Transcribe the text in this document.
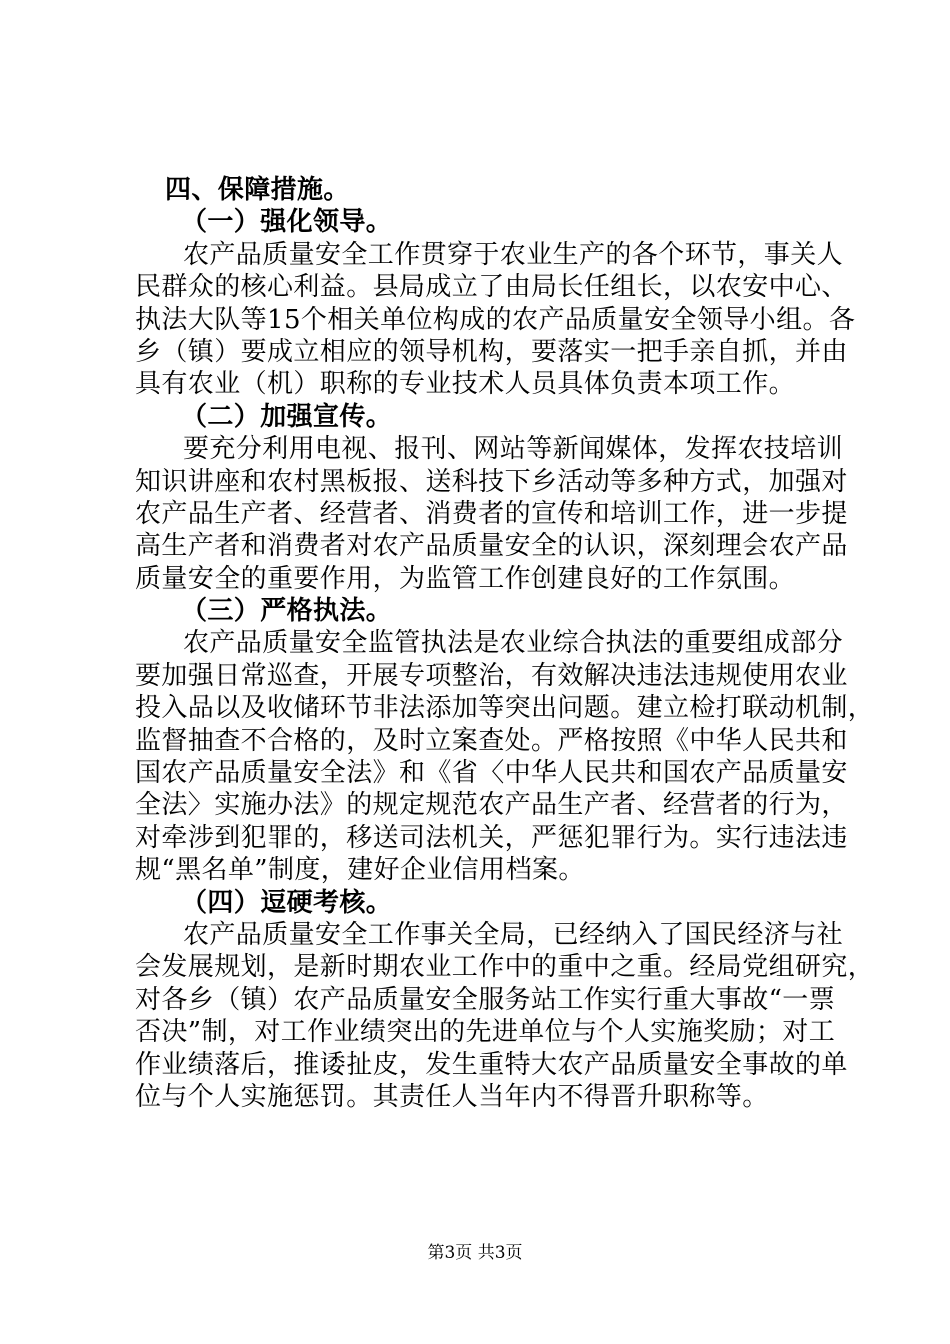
四、保障措施。
（一）强化领导。
农产品质量安全工作贯穿于农业生产的各个环节，事关人
民群众的核心利益。县局成立了由局长任组长，以农安中心、
执法大队等15个相关单位构成的农产品质量安全领导小组。各
乡（镇）要成立相应的领导机构，要落实一把手亲自抓，并由
具有农业（机）职称的专业技术人员具体负责本项工作。
（二）加强宣传。
要充分利用电视、报刊、网站等新闻媒体，发挥农技培训
知识讲座和农村黑板报、送科技下乡活动等多种方式，加强对
农产品生产者、经营者、消费者的宣传和培训工作，进一步提
高生产者和消费者对农产品质量安全的认识，深刻理会农产品
质量安全的重要作用，为监管工作创建良好的工作氛围。
（三）严格执法。
农产品质量安全监管执法是农业综合执法的重要组成部分
要加强日常巡查，开展专项整治，有效解决违法违规使用农业
投入品以及收储环节非法添加等突出问题。建立检打联动机制，
监督抽查不合格的，及时立案查处。严格按照《中华人民共和
国农产品质量安全法》和《省〈中华人民共和国农产品质量安
全法〉实施办法》的规定规范农产品生产者、经营者的行为，
对牵涉到犯罪的，移送司法机关，严惩犯罪行为。实行违法违
规“黑名单”制度，建好企业信用档案。
（四）逗硬考核。
农产品质量安全工作事关全局，已经纳入了国民经济与社
会发展规划，是新时期农业工作中的重中之重。经局党组研究，
对各乡（镇）农产品质量安全服务站工作实行重大事故“一票
否决”制，对工作业绩突出的先进单位与个人实施奖励；对工
作业绩落后，推诿扯皮，发生重特大农产品质量安全事故的单
位与个人实施惩罚。其责任人当年内不得晋升职称等。
第3页 共3页
